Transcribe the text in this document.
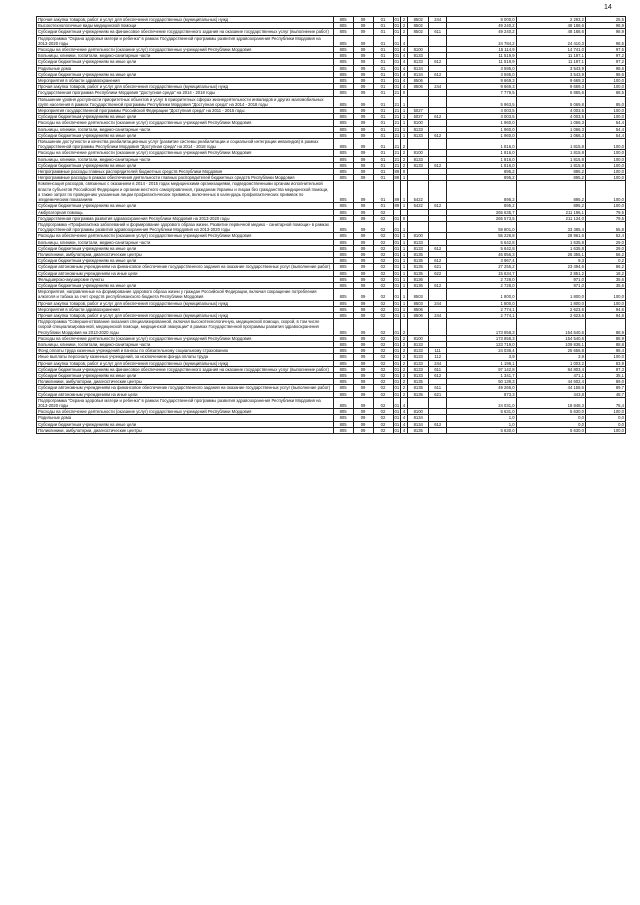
14
Прочая закупка товаров, работ и услуг для обеспечения государственных (муниципальных) нужд	805	09	01	01	2	8502	244	9 000,0	2 293,2	25,5
Высокотехнологичные виды медицинской помощи	805	09	01	01	2	8502		49 240,2	48 188,6	98,9
Субсидии бюджетным учреждениям на финансовое обеспечение государственного задания на оказание государственных услуг (выполнение работ)	805	09	01	01	2	8502	611	49 240,2	48 188,6	98,9
Подпрограмма "Охрана здоровья матери и ребенка" в рамках Государственной программы развития здравоохранения Республики Мордовия на 2013-2020 годы	805	09	01	01	4			24 784,2	24 410,3	98,5
Расходы на обеспечение деятельности (оказание услуг) государственных учреждений Республики Мордовия	805	09	01	01	4	8100		15 114,9	14 741,0	97,5
Больницы, клиники, госпитали, медико-санитарные части	805	09	01	01	4	8133		11 519,9	11 197,1	97,2
Субсидии бюджетным учреждениям на иные цели	805	09	01	01	4	8133	612	11 519,9	11 197,1	97,2
Родильные дома	805	09	01	01	4	8134		3 595,0	3 543,9	98,6
Субсидии бюджетным учреждениям на иные цели	805	09	01	01	4	8134	612	3 595,0	3 543,9	98,6
Мероприятия в области здравоохранения	805	09	01	01	4	8506		9 669,3	9 669,3	100,0
Прочая закупка товаров, работ и услуг для обеспечения государственных (муниципальных) нужд	805	09	01	01	4	8506	244	9 669,3	9 669,3	100,0
Государственная программа Республики Мордовия "Доступная среда" на 2014 - 2018 годы	805	09	01	21	0			7 779,5	6 885,6	88,5
Повышение уровня доступности приоритетных объектов и услуг в приоритетных сферах жизнедеятельности инвалидов и других маломобильных групп населения в рамках Государственной программы Республики Мордовия "Доступная среда" на 2014 - 2018 годы	805	09	01	21	1			5 963,5	5 069,8	85,0
Мероприятия государственной программы Российской Федерации "Доступная среда" на 2011 - 2015 годы	805	09	01	21	1	5027		4 003,5	4 003,5	100,0
Субсидии бюджетным учреждениям на иные цели	805	09	01	21	1	5027	612	4 003,5	4 003,5	100,0
Расходы на обеспечение деятельности (оказание услуг) государственных учреждений Республики Мордовия	805	09	01	21	1	8100		1 960,0	1 066,3	54,4
Больницы, клиники, госпитали, медико-санитарные части	805	09	01	21	1	8133		1 960,0	1 066,3	54,4
Субсидии бюджетным учреждениям на иные цели	805	09	01	21	1	8133	612	1 960,0	1 066,3	54,4
Повышение доступности и качества реабилитационных услуг (развитие системы реабилитации и социальной интеграции инвалидов) в рамках Государственной программы Республики Мордовия "Доступная среда" на 2014 - 2018 годы	805	09	01	21	2			1 816,0	1 815,8	100,0
Расходы на обеспечение деятельности (оказание услуг) государственных учреждений Республики Мордовия	805	09	01	21	2	8100		1 816,0	1 815,8	100,0
Больницы, клиники, госпитали, медико-санитарные части	805	09	01	21	2	8133		1 816,0	1 815,8	100,0
Субсидии бюджетным учреждениям на иные цели	805	09	01	21	2	8133	612	1 816,0	1 815,8	100,0
Непрограммные расходы главных распорядителей бюджетных средств Республики Мордовия	805	09	01	89	0			895,2	895,2	100,0
Непрограммные расходы в рамках обеспечения деятельности главных распорядителей бюджетных средств Республики Мордовия	805	09	01	89	1			895,2	895,2	100,0
Компенсация расходов, связанных с оказанием в 2014 - 2015 годах медицинскими организациями, подведомственными органам исполнительной власти субъектов Российской Федерации и органам местного самоуправления, гражданам Украины и лицам без гражданства медицинской помощи, а также затрат по проведению указанным лицам профилактических прививок, включенных в календарь профилактических прививок по эпидемическим показаниям	805	09	01	89	1	5422		895,2	895,2	100,0
Субсидии бюджетным учреждениям на иные цели	805	09	01	89	1	5422	612	895,2	895,2	100,0
Амбулаторная помощь	805	09	02					265 635,7	211 196,1	79,5
Государственная программа развития здравоохранения Республики Мордовия на 2013-2020 годы	805	09	02	01	0			265 573,5	211 134,0	79,5
Подпрограмма «Профилактика заболеваний и формирование здорового образа жизни. Развитие первичной медико - санитарной помощи» в рамках Государственной программы развития здравоохранения Республики Мордовия на 2013-2020 годы	805	09	02	01	1			59 801,0	33 385,4	55,8
Расходы на обеспечение деятельности (оказание услуг) государственных учреждений Республики Мордовия	805	09	02	01	1	8100		55 226,8	28 961,6	52,4
Больницы, клиники, госпитали, медико-санитарные части	805	09	02	01	1	8133		5 642,8	1 635,8	29,0
Субсидии бюджетным учреждениям на иные цели	805	09	02	01	1	8133	612	5 642,8	1 635,8	29,0
Поликлиники, амбулатории, диагностические центры	805	09	02	01	1	8135		46 856,3	26 355,1	56,2
Субсидии бюджетным учреждениям на иные цели	805	09	02	01	1	8135	612	3 967,4	9,3	0,2
Субсидии автономным учреждениям на финансовое обеспечение государственного задания на оказание государственных услуг (выполнение работ)	805	09	02	01	1	8135	621	27 255,2	23 494,6	86,2
Субсидии автономным учреждениям на иные цели	805	09	02	01	1	8135	622	15 634,7	2 851,2	18,2
Фельдшерско-акушерские пункты	805	09	02	01	1	8136		2 728,0	971,0	35,6
Субсидии бюджетным учреждениям на иные цели	805	09	02	01	1	8136	612	2 728,0	971,0	35,6
Мероприятия, направленные на формирование здорового образа жизни у граждан Российской Федерации, включая сокращение потребления алкоголя и табака за счет средств республиканского бюджета Республики Мордовия	805	09	02	01	1	8503		1 800,0	1 800,0	100,0
Прочая закупка товаров, работ и услуг для обеспечения государственных (муниципальных) нужд	805	09	02	01	1	8503	244	1 800,0	1 800,0	100,0
Мероприятия в области здравоохранения	805	09	02	01	1	8506		2 774,1	2 623,6	94,6
Прочая закупка товаров, работ и услуг для обеспечения государственных (муниципальных) нужд	805	09	02	01	1	8506	244	2 774,1	2 623,6	94,6
Подпрограмма "Совершенствование оказания специализированной, включая высокотехнологичную, медицинской помощи, скорой, в том числе скорой специализированной, медицинской помощи, медицинской эвакуации" в рамках Государственной программы развития здравоохранения Республики Мордовия на 2013-2020 годы	805	09	02	01	2			173 858,3	154 540,6	88,9
Расходы на обеспечение деятельности (оказание услуг) государственных учреждений Республики Мордовия	805	09	02	01	2	8100		173 858,3	154 540,6	88,9
Больницы, клиники, госпитали, медико-санитарные части	805	09	02	01	2	8133		123 719,0	109 838,1	88,8
Фонд оплаты труда казенных учреждений и взносы по обязательному социальному страхованию	805	09	02	01	2	8133	111	24 036,4	25 656,8	98,4
Иные выплаты персоналу казенных учреждений, за исключением фонда оплаты труда	805	09	02	01	2	8133	112	3,9	3,9	100,0
Прочая закупка товаров, работ и услуг для обеспечения государственных (муниципальных) нужд	805	09	02	01	2	8133	244	1 198,1	1 003,2	83,9
Субсидии бюджетным учреждениям на финансовое обеспечение государственного задания на оказание государственных услуг (выполнение работ)	805	09	02	01	2	8133	611	97 142,8	84 803,4	87,3
Субсидии бюджетным учреждениям на иные цели	805	09	02	01	2	8133	612	1 341,7	471,1	35,1
Поликлиники, амбулатории, диагностические центры	805	09	02	01	2	8135		50 139,3	44 602,4	89,0
Субсидии автономным учреждениям на финансовое обеспечение государственного задания на оказание государственных услуг (выполнение работ)	805	09	02	01	2	8135	611	49 266,0	44 158,6	89,7
Субсидии автономным учреждениям на иные цели	805	09	02	01	2	8135	621	873,3	443,8	48,7
Подпрограмма "Охрана здоровья матери и ребенка" в рамках Государственной программы развития здравоохранения Республики Мордовия на 2013-2020 годы	805	09	02	01	4			24 031,0	18 848,3	78,4
Расходы на обеспечение деятельности (оказание услуг) государственных учреждений Республики Мордовия	805	09	02	01	4	8100		5 631,0	5 630,0	100,0
Родильные дома	805	09	02	01	4	8134		1,0	0,0	0,0
Субсидии бюджетным учреждениям на иные цели	805	09	02	01	4	8134	612	1,0	0,0	0,0
Поликлиники, амбулатории, диагностические центры	805	09	02	01	4	8135		5 630,0	5 630,0	100,0
